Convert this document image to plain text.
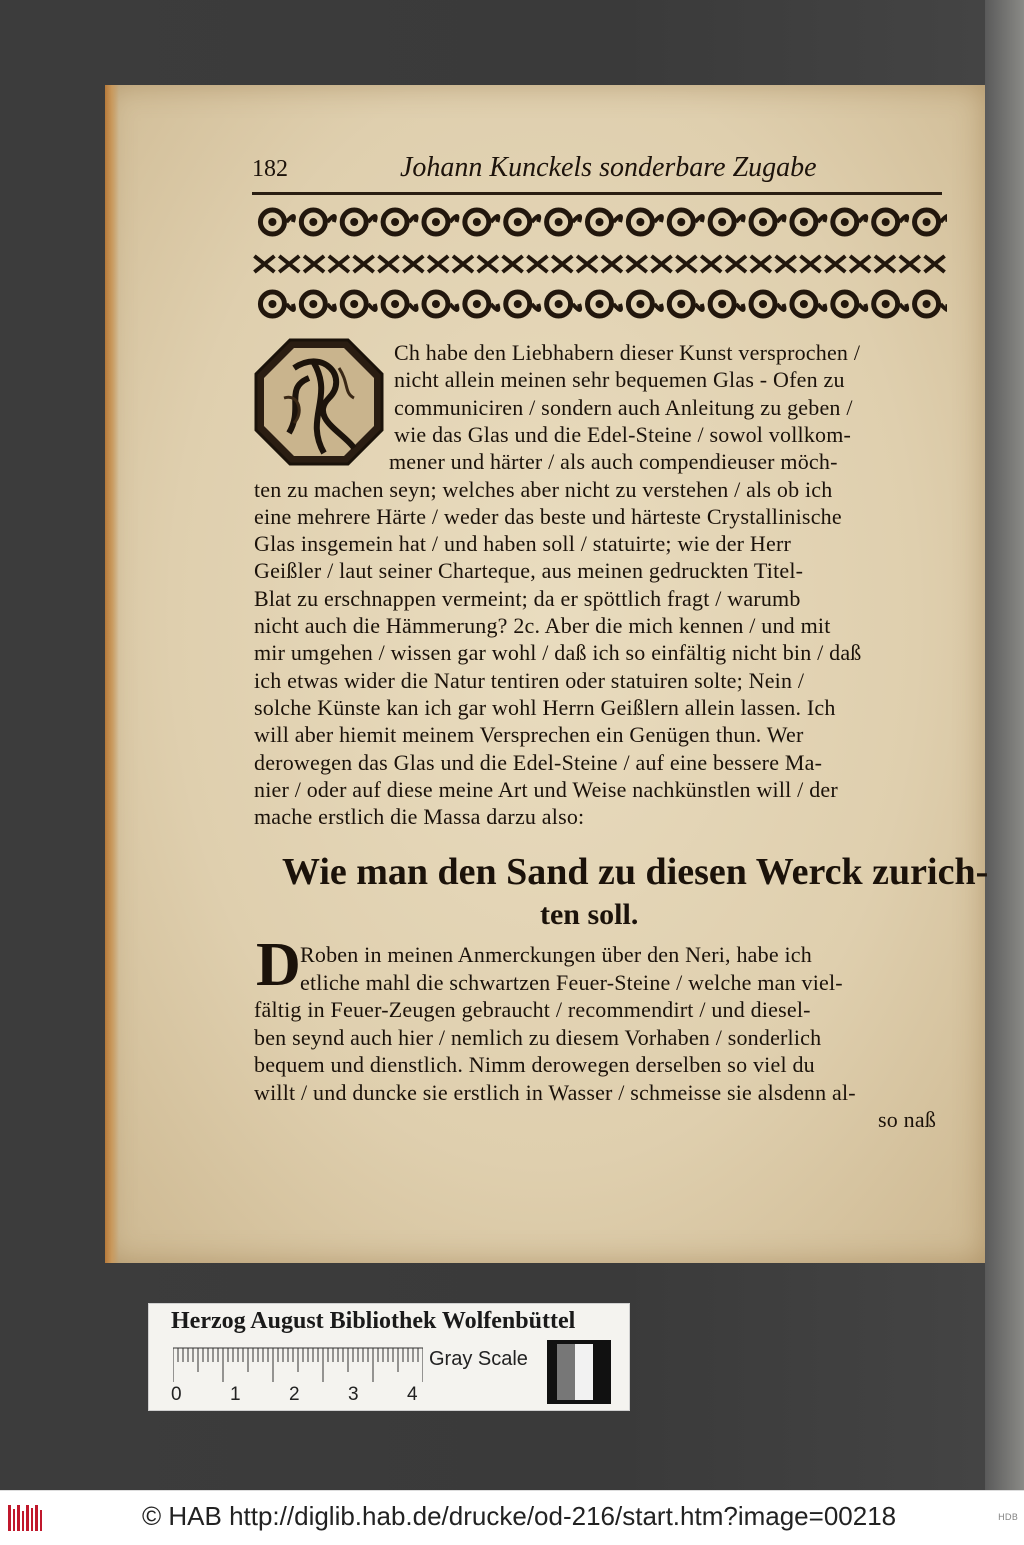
182	Johann Kunckels sonderbare Zugabe
Ch habe den Liebhabern dieser Kunst versprochen /
nicht allein meinen sehr bequemen Glas - Ofen zu
communiciren / sondern auch Anleitung zu geben /
wie das Glas und die Edel-Steine / sowol vollkom-
mener und härter / als auch compendieuser möch-
ten zu machen seyn; welches aber nicht zu verstehen / als ob ich
eine mehrere Härte / weder das beste und härteste Crystallinische
Glas insgemein hat / und haben soll / statuirte; wie der Herr
Geißler / laut seiner Charteque, aus meinen gedruckten Titel-
Blat zu erschnappen vermeint; da er spöttlich fragt / warumb
nicht auch die Hämmerung? 2c. Aber die mich kennen / und mit
mir umgehen / wissen gar wohl / daß ich so einfältig nicht bin / daß
ich etwas wider die Natur tentiren oder statuiren solte; Nein /
solche Künste kan ich gar wohl Herrn Geißlern allein lassen. Ich
will aber hiemit meinem Versprechen ein Genügen thun. Wer
derowegen das Glas und die Edel-Steine / auf eine bessere Ma-
nier / oder auf diese meine Art und Weise nachkünstlen will / der
mache erstlich die Massa darzu also:
Wie man den Sand zu diesen Werck zurich-
ten soll.
D Roben in meinen Anmerckungen über den Neri, habe ich
etliche mahl die schwartzen Feuer-Steine / welche man viel-
fältig in Feuer-Zeugen gebraucht / recommendirt / und diesel-
ben seynd auch hier / nemlich zu diesem Vorhaben / sonderlich
bequem und dienstlich. Nimm derowegen derselben so viel du
willt / und duncke sie erstlich in Wasser / schmeisse sie alsdenn al-
so naß
Herzog August Bibliothek Wolfenbüttel
0	1	2	3	4
Gray Scale
© HAB http://diglib.hab.de/drucke/od-216/start.htm?image=00218	HDB
